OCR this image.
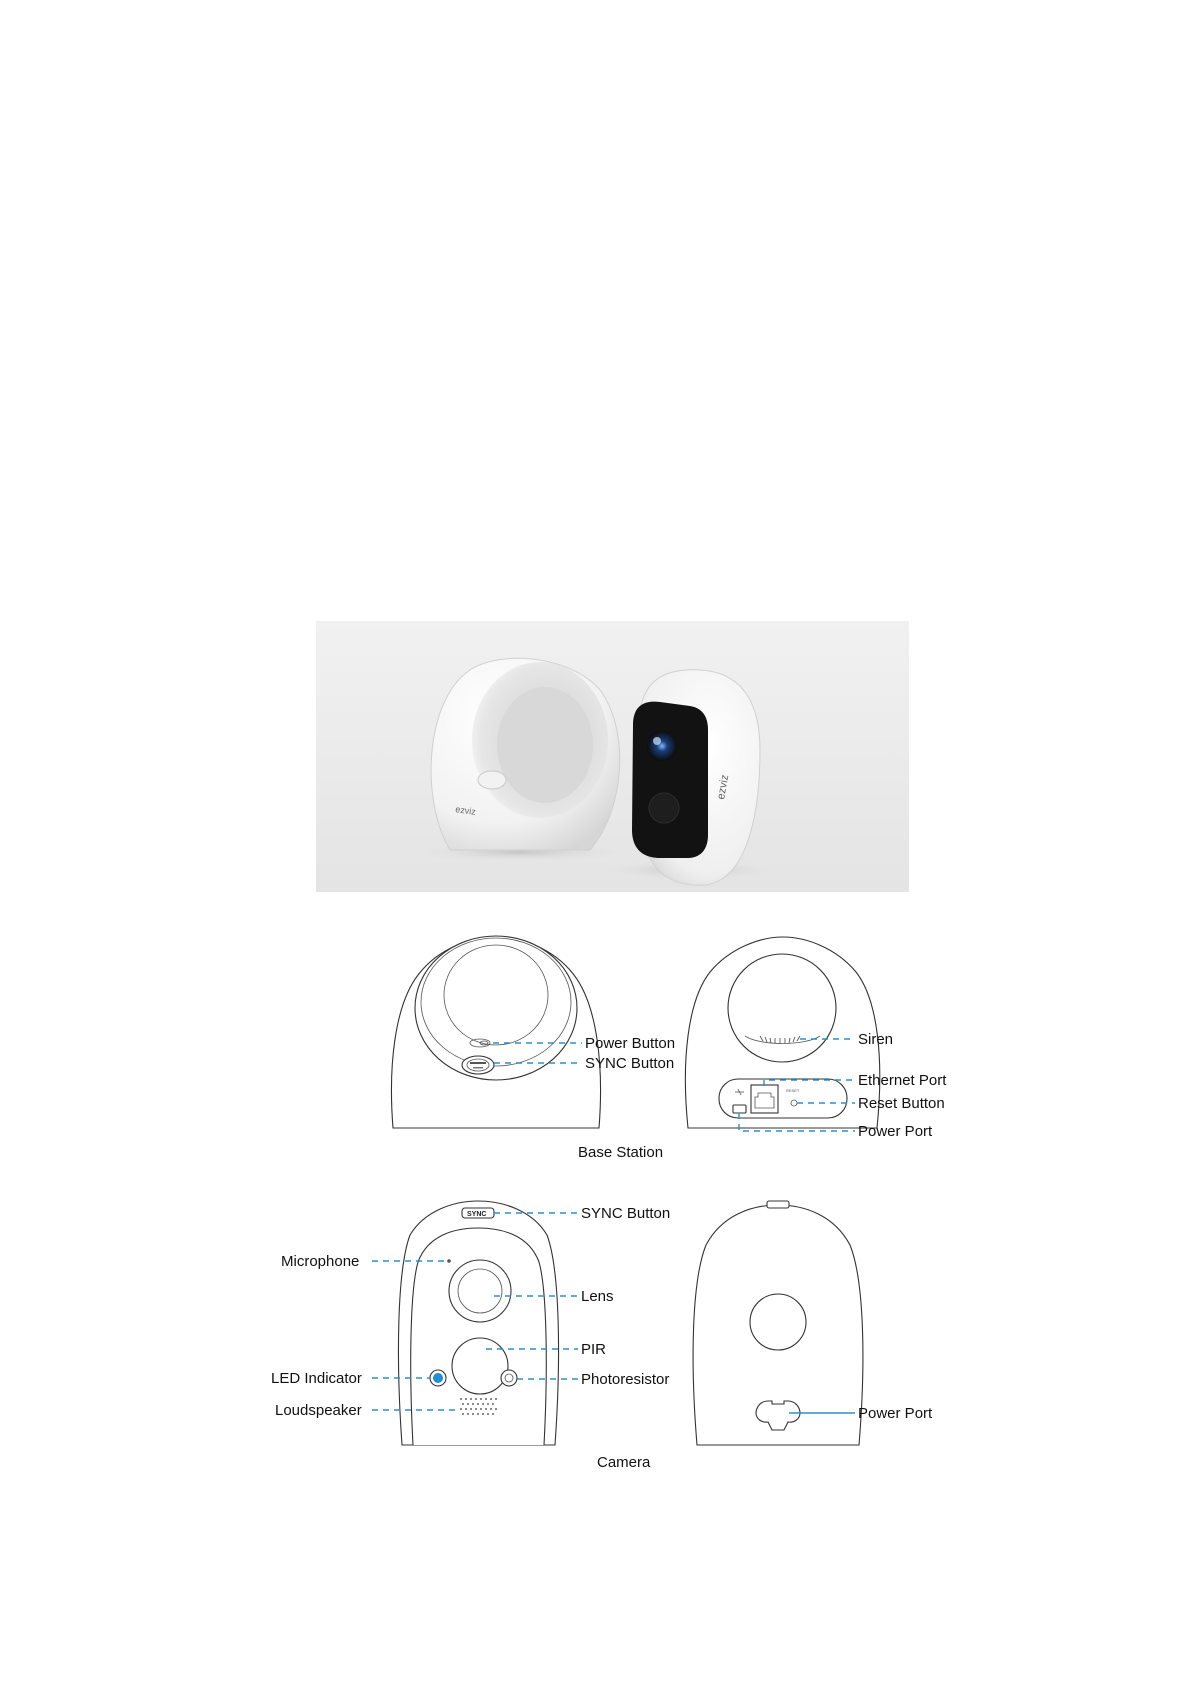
ezviz
ezviz
Power Button
SYNC Button
RESET
Siren
Ethernet Port
Reset Button
Power Port
Base Station
SYNC	SYNC Button
Microphone
Lens
PIR
LED Indicator	Photoresistor
Loudspeaker	Power Port
Camera
